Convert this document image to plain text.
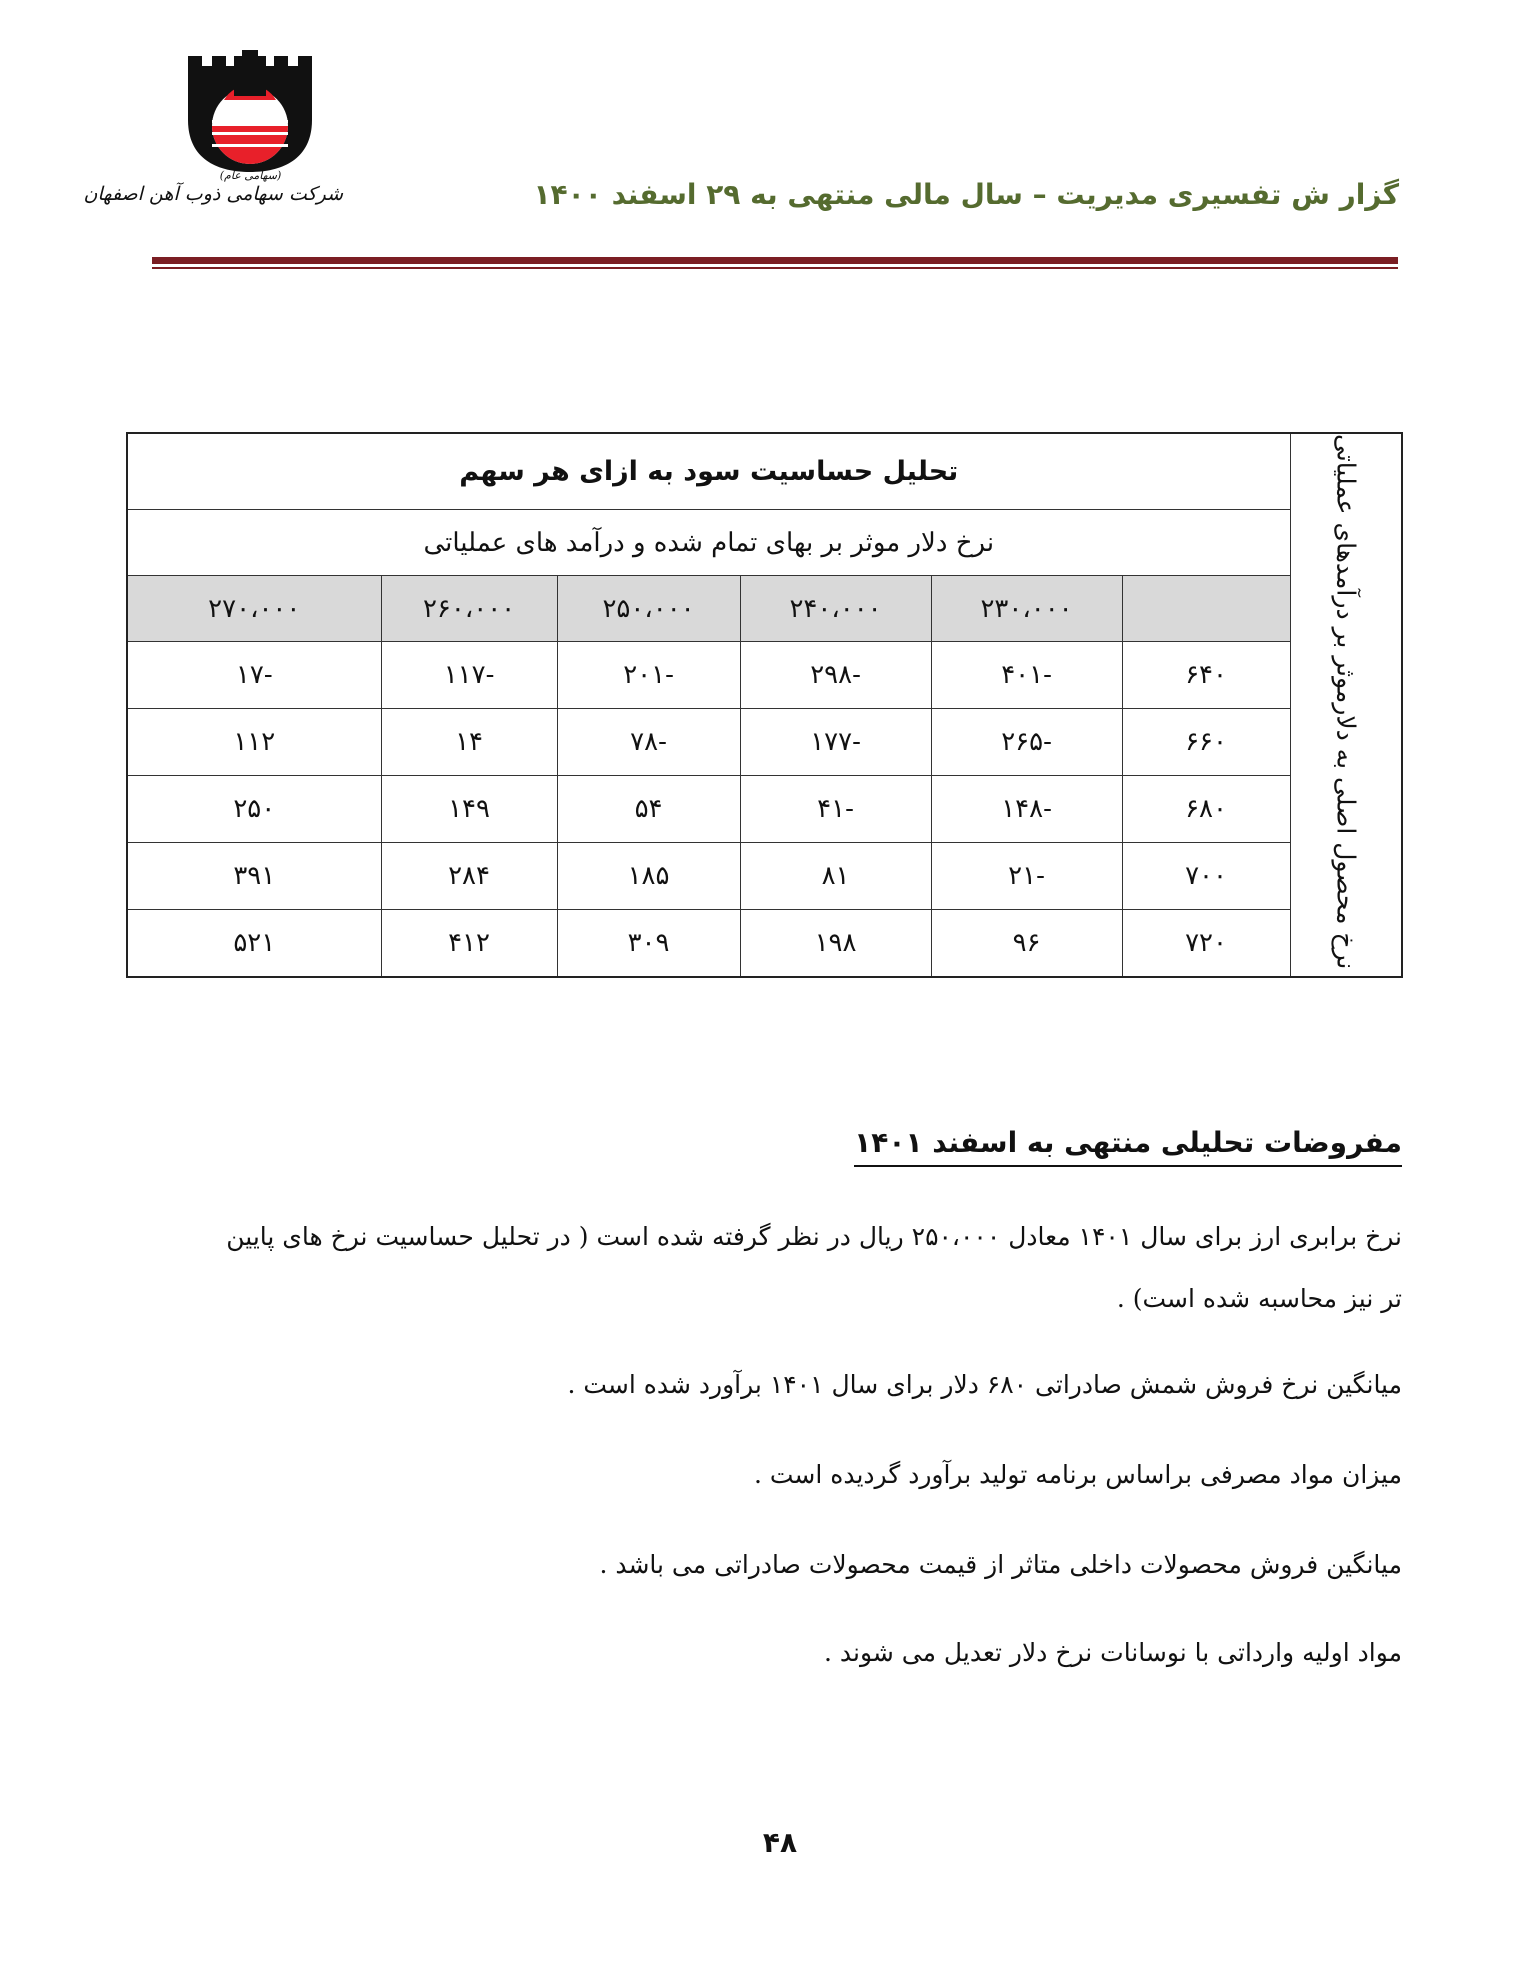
(سهامی عام)
شرکت سهامی ذوب آهن اصفهان	گزار ش تفسیری مدیریت – سال مالی منتهی به ۲۹ اسفند ۱۴۰۰
نرخ محصول اصلی به دلارموثر بر درآمدهای عملیاتی	تحلیل حساسیت سود به ازای هر سهم					
	نرخ دلار موثر بر بهای تمام شده و درآمد های عملیاتی					
		۲۳۰،۰۰۰	۲۴۰،۰۰۰	۲۵۰،۰۰۰	۲۶۰،۰۰۰	۲۷۰،۰۰۰
	۶۴۰	-۴۰۱	-۲۹۸	-۲۰۱	-۱۱۷	-۱۷
	۶۶۰	-۲۶۵	-۱۷۷	-۷۸	۱۴	۱۱۲
	۶۸۰	-۱۴۸	-۴۱	۵۴	۱۴۹	۲۵۰
	۷۰۰	-۲۱	۸۱	۱۸۵	۲۸۴	۳۹۱
	۷۲۰	۹۶	۱۹۸	۳۰۹	۴۱۲	۵۲۱
مفروضات تحلیلی منتهی به اسفند ۱۴۰۱
نرخ برابری ارز برای سال ۱۴۰۱ معادل ۲۵۰،۰۰۰ ریال در نظر گرفته شده است ( در تحلیل حساسیت نرخ های پایین تر نیز محاسبه شده است) .
میانگین نرخ فروش شمش صادراتی ۶۸۰ دلار برای سال ۱۴۰۱ برآورد شده است .
میزان مواد مصرفی براساس برنامه تولید برآورد گردیده است .
میانگین فروش محصولات داخلی متاثر از قیمت محصولات صادراتی می باشد .
مواد اولیه وارداتی با نوسانات نرخ دلار تعدیل می شوند .
۴۸
